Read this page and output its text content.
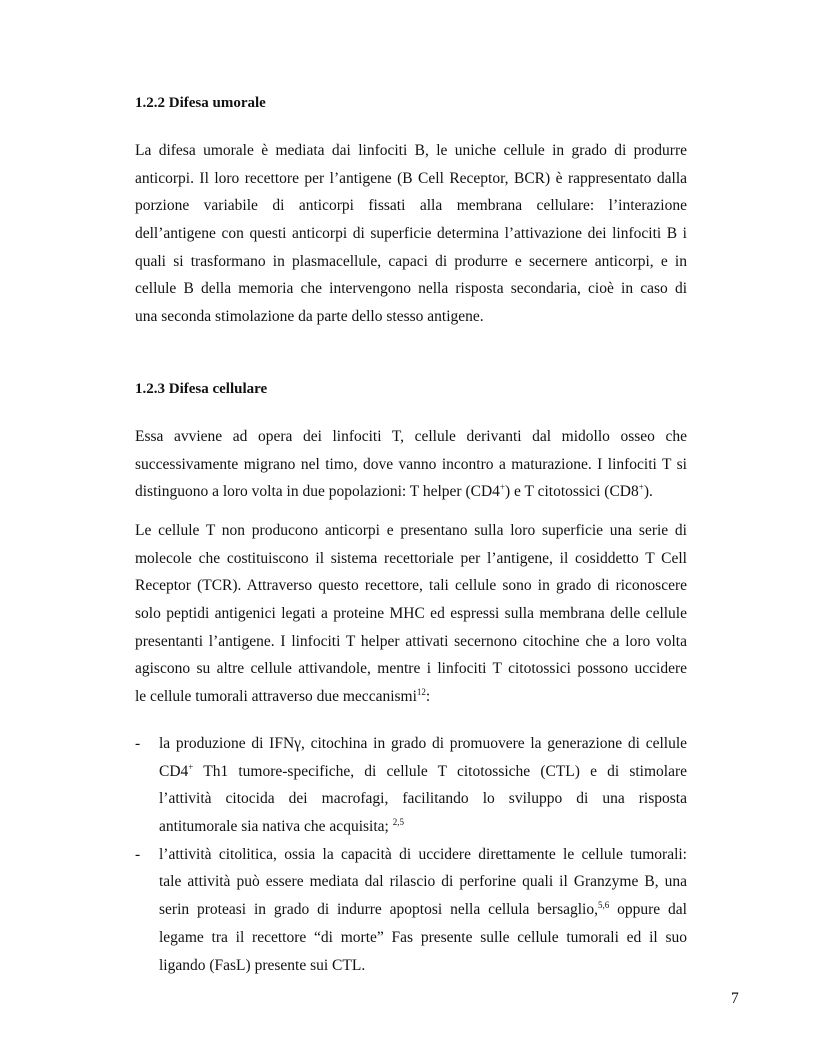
1.2.2 Difesa umorale
La difesa umorale è mediata dai linfociti B, le uniche cellule in grado di produrre
anticorpi. Il loro recettore per l’antigene (B Cell Receptor, BCR) è rappresentato dalla
porzione variabile di anticorpi fissati alla membrana cellulare: l’interazione
dell’antigene con questi anticorpi di superficie determina l’attivazione dei linfociti B i
quali si trasformano in plasmacellule, capaci di produrre e secernere anticorpi, e in
cellule B della memoria che intervengono nella risposta secondaria, cioè in caso di
una seconda stimolazione da parte dello stesso antigene.
1.2.3 Difesa cellulare
Essa avviene ad opera dei linfociti T, cellule derivanti dal midollo osseo che
successivamente migrano nel timo, dove vanno incontro a maturazione. I linfociti T si
distinguono a loro volta in due popolazioni: T helper (CD4+) e T citotossici (CD8+).
Le cellule T non producono anticorpi e presentano sulla loro superficie una serie di
molecole che costituiscono il sistema recettoriale per l’antigene, il cosiddetto T Cell
Receptor (TCR). Attraverso questo recettore, tali cellule sono in grado di riconoscere
solo peptidi antigenici legati a proteine MHC ed espressi sulla membrana delle cellule
presentanti l’antigene. I linfociti T helper attivati secernono citochine che a loro volta
agiscono su altre cellule attivandole, mentre i linfociti T citotossici possono uccidere
le cellule tumorali attraverso due meccanismi$^{12}$:
- la produzione di IFNγ, citochina in grado di promuovere la generazione di cellule
CD4+ Th1 tumore-specifiche, di cellule T citotossiche (CTL) e di stimolare
l’attività citocida dei macrofagi, facilitando lo sviluppo di una risposta
antitumorale sia nativa che acquisita; $^{2,5}$
- l’attività citolitica, ossia la capacità di uccidere direttamente le cellule tumorali:
tale attività può essere mediata dal rilascio di perforine quali il Granzyme B, una
serin proteasi in grado di indurre apoptosi nella cellula bersaglio,$^{5,6}$ oppure dal
legame tra il recettore “di morte” Fas presente sulle cellule tumorali ed il suo
ligando (FasL) presente sui CTL.
7
